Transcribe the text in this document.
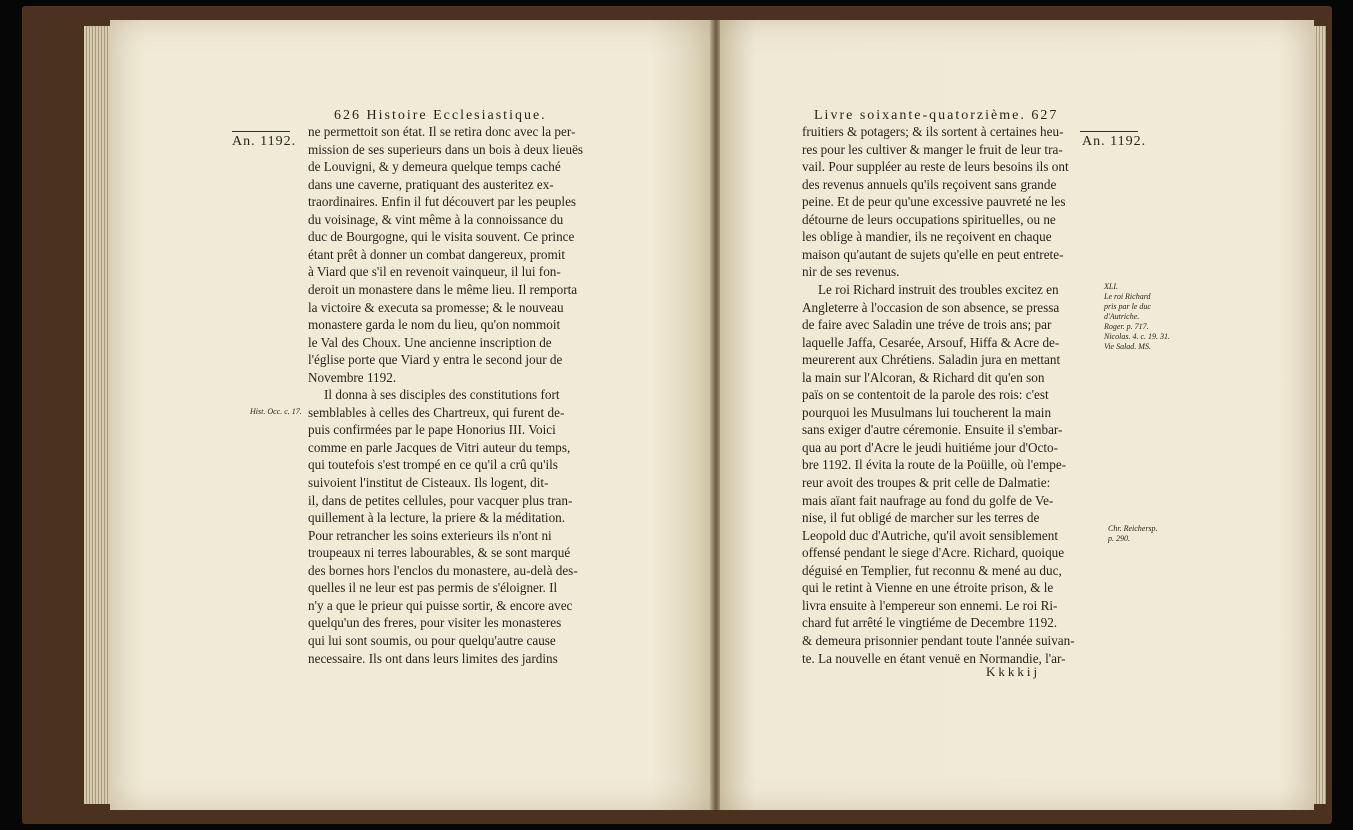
An. 1192.
626 Histoire Ecclesiastique.
Hist. Occ. c. 17.
ne permettoit son état. Il se retira donc avec la per-
mission de ses superieurs dans un bois à deux lieuës
de Louvigni, & y demeura quelque temps caché
dans une caverne, pratiquant des austeritez ex-
traordinaires. Enfin il fut découvert par les peuples
du voisinage, & vint même à la connoissance du
duc de Bourgogne, qui le visita souvent. Ce prince
étant prêt à donner un combat dangereux, promit
à Viard que s'il en revenoit vainqueur, il lui fon-
deroit un monastere dans le même lieu. Il remporta
la victoire & executa sa promesse; & le nouveau
monastere garda le nom du lieu, qu'on nommoit
le Val des Choux. Une ancienne inscription de
l'église porte que Viard y entra le second jour de
Novembre 1192.
Il donna à ses disciples des constitutions fort
semblables à celles des Chartreux, qui furent de-
puis confirmées par le pape Honorius III. Voici
comme en parle Jacques de Vitri auteur du temps,
qui toutefois s'est trompé en ce qu'il a crû qu'ils
suivoient l'institut de Cisteaux. Ils logent, dit-
il, dans de petites cellules, pour vacquer plus tran-
quillement à la lecture, la priere & la méditation.
Pour retrancher les soins exterieurs ils n'ont ni
troupeaux ni terres labourables, & se sont marqué
des bornes hors l'enclos du monastere, au-delà des-
quelles il ne leur est pas permis de s'éloigner. Il
n'y a que le prieur qui puisse sortir, & encore avec
quelqu'un des freres, pour visiter les monasteres
qui lui sont soumis, ou pour quelqu'autre cause
necessaire. Ils ont dans leurs limites des jardins
Livre soixante-quatorzième. 627
An. 1192.
XLI.
Le roi Richard
pris par le duc
d'Autriche.
Roger. p. 717.
Nicolas. 4. c. 19. 31.
Vie Salad. MS.
Chr. Reichersp.
p. 290.
fruitiers & potagers; & ils sortent à certaines heu-
res pour les cultiver & manger le fruit de leur tra-
vail. Pour suppléer au reste de leurs besoins ils ont
des revenus annuels qu'ils reçoivent sans grande
peine. Et de peur qu'une excessive pauvreté ne les
détourne de leurs occupations spirituelles, ou ne
les oblige à mandier, ils ne reçoivent en chaque
maison qu'autant de sujets qu'elle en peut entrete-
nir de ses revenus.
Le roi Richard instruit des troubles excitez en
Angleterre à l'occasion de son absence, se pressa
de faire avec Saladin une tréve de trois ans; par
laquelle Jaffa, Cesarée, Arsouf, Hiffa & Acre de-
meurerent aux Chrétiens. Saladin jura en mettant
la main sur l'Alcoran, & Richard dit qu'en son
païs on se contentoit de la parole des rois: c'est
pourquoi les Musulmans lui toucherent la main
sans exiger d'autre céremonie. Ensuite il s'embar-
qua au port d'Acre le jeudi huitiéme jour d'Octo-
bre 1192. Il évita la route de la Poüille, où l'empe-
reur avoit des troupes & prit celle de Dalmatie:
mais aïant fait naufrage au fond du golfe de Ve-
nise, il fut obligé de marcher sur les terres de
Leopold duc d'Autriche, qu'il avoit sensiblement
offensé pendant le siege d'Acre. Richard, quoique
déguisé en Templier, fut reconnu & mené au duc,
qui le retint à Vienne en une étroite prison, & le
livra ensuite à l'empereur son ennemi. Le roi Ri-
chard fut arrêté le vingtiéme de Decembre 1192.
& demeura prisonnier pendant toute l'année suivan-
te. La nouvelle en étant venuë en Normandie, l'ar-
Kkkkij
